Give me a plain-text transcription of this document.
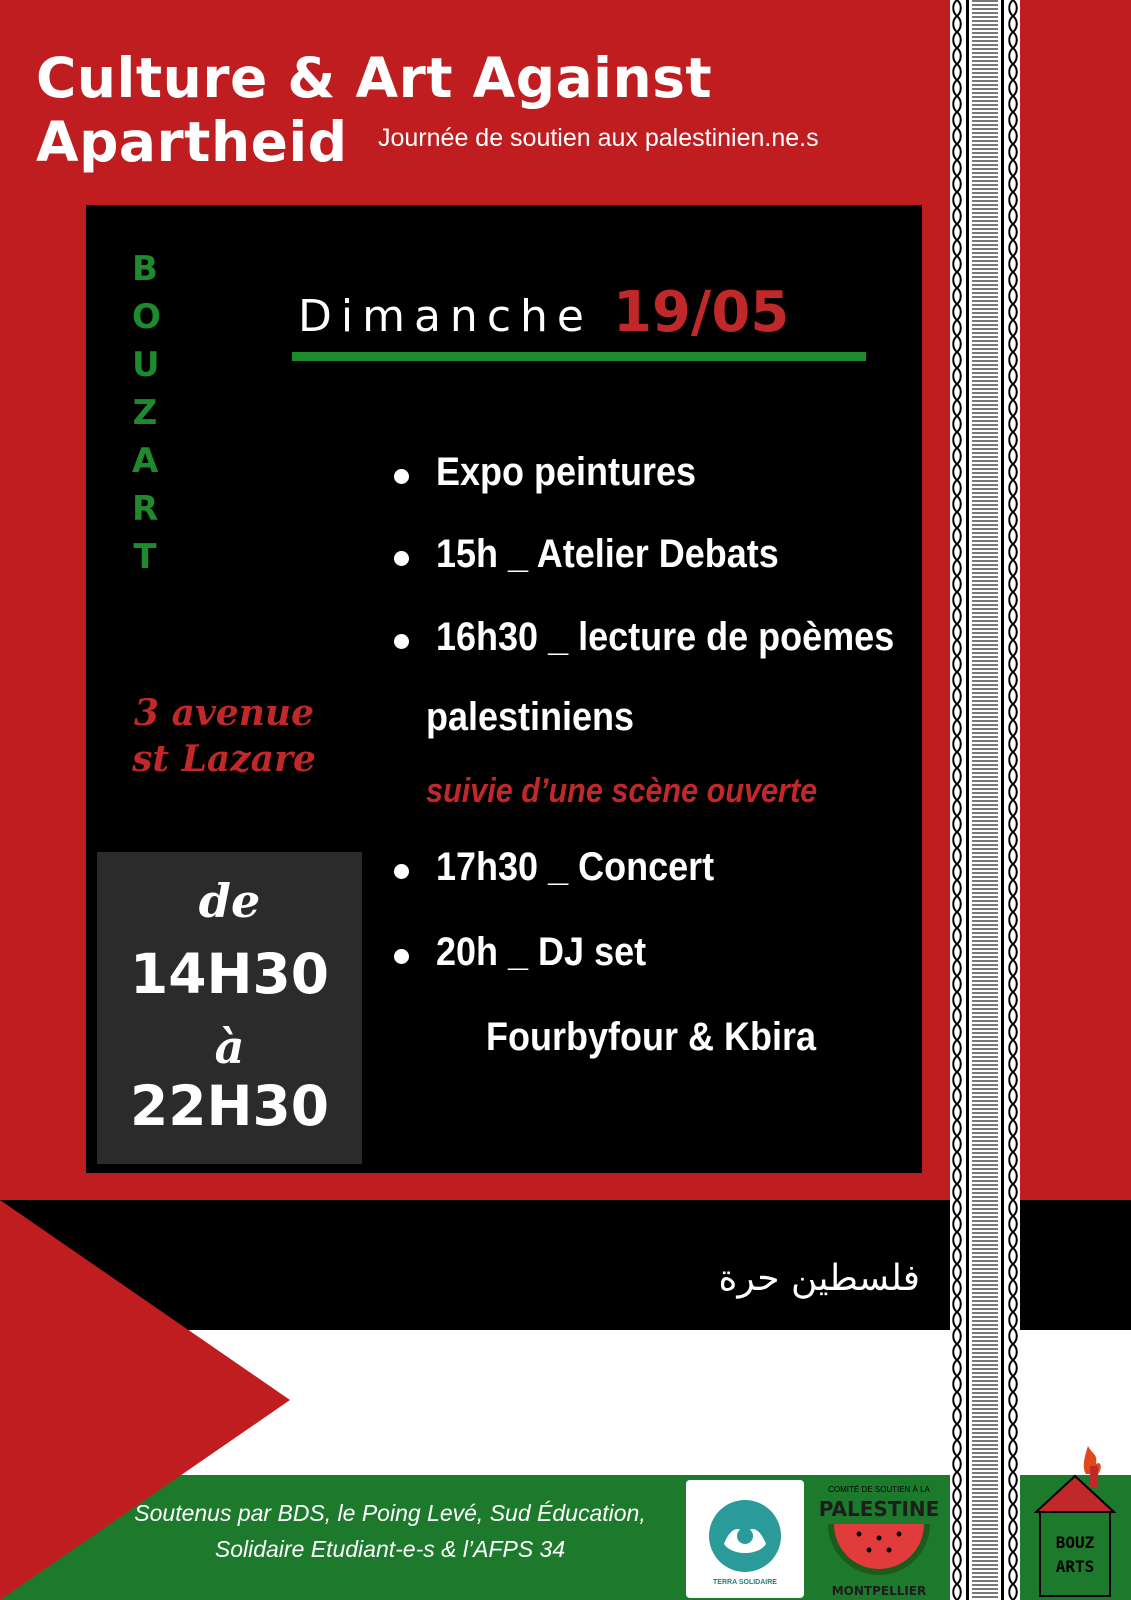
Culture & Art Against Apartheid	Journée de soutien aux palestinien.ne.s
B
O
U
Z
A
R
T
3 avenue
st Lazare
de
14H30
à
22H30
Dimanche 19/05
Expo peintures
15h _ Atelier Debats
16h30 _ lecture de poèmes
palestiniens
suivie d’une scène ouverte
17h30 _ Concert
20h _ DJ set
Fourbyfour & Kbira
فلسطين حرة
Soutenus par BDS, le Poing Levé, Sud Éducation,
Solidaire Etudiant-e-s & l’AFPS 34
TERRA SOLIDAIRE
COMITÉ DE SOUTIEN À LA
PALESTINE
MONTPELLIER
BOUZ
ARTS
